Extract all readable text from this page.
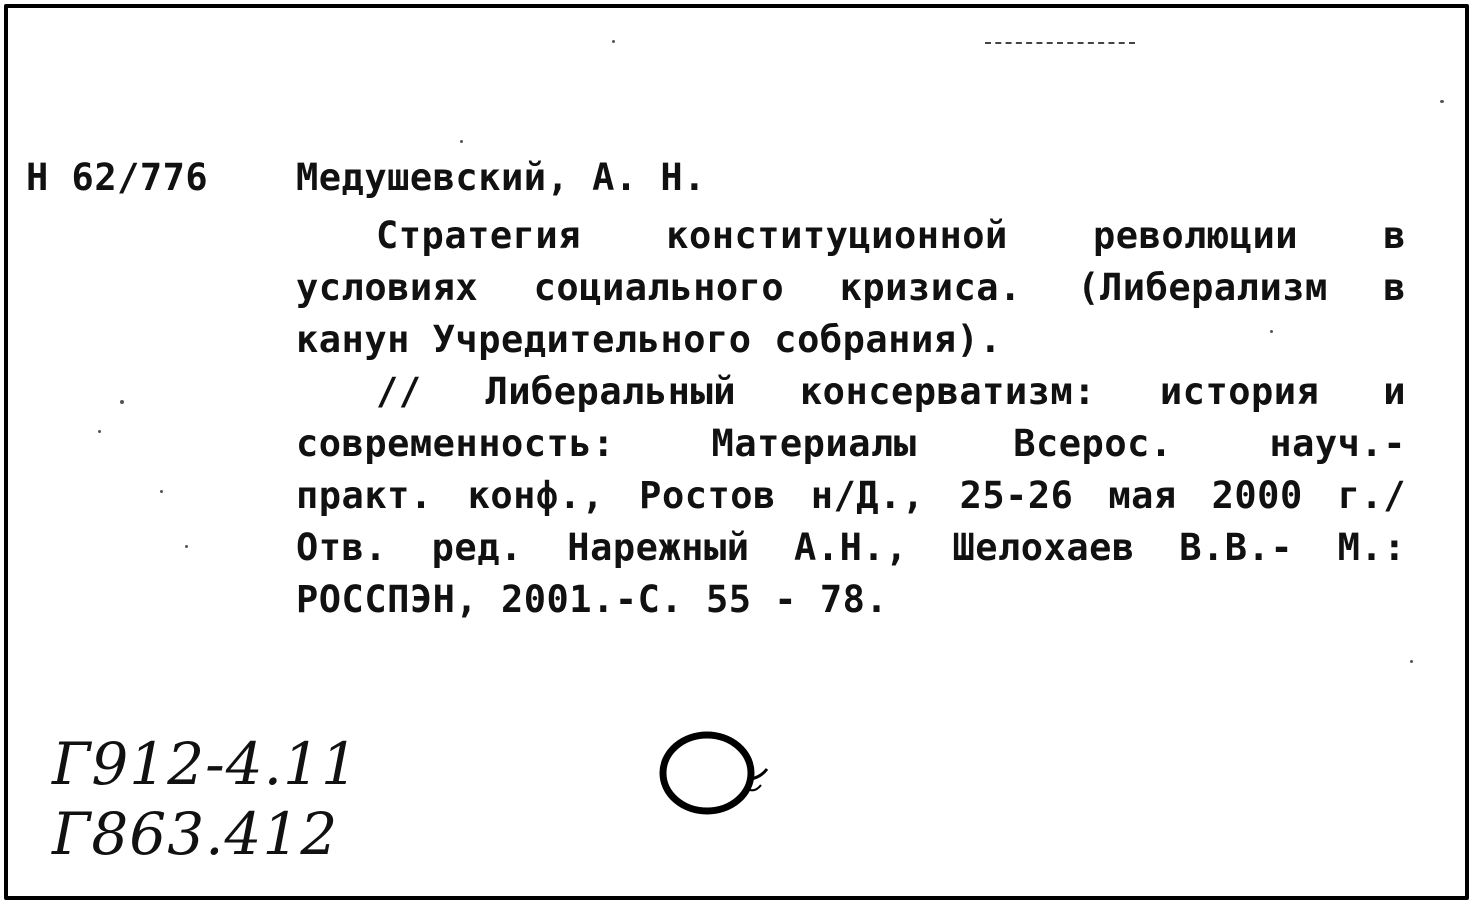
Н 62/776 Медушевский, А. Н.
Стратегия конституционной революции в
условиях социального кризиса. (Либерализм в
канун Учредительного собрания).
// Либеральный консерватизм: история и
современность: Материалы Всерос. науч.-
практ. конф., Ростов н/Д., 25-26 мая 2000 г./
Отв. ред. Нарежный А.Н., Шелохаев В.В.- М.:
РОССПЭН, 2001.-С. 55 - 78.
Г912-4.11
Г863.412
